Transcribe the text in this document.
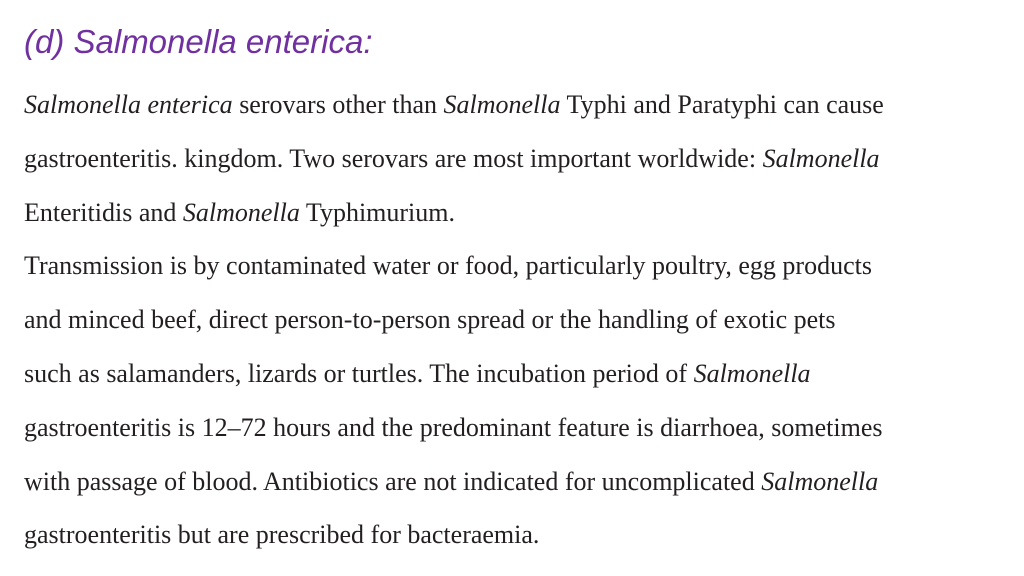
(d) Salmonella enterica:
Salmonella enterica serovars other than Salmonella Typhi and Paratyphi can cause
gastroenteritis. kingdom. Two serovars are most important worldwide: Salmonella
Enteritidis and Salmonella Typhimurium.
Transmission is by contaminated water or food, particularly poultry, egg products
and minced beef, direct person-to-person spread or the handling of exotic pets
such as salamanders, lizards or turtles. The incubation period of Salmonella
gastroenteritis is 12–72 hours and the predominant feature is diarrhoea, sometimes
with passage of blood. Antibiotics are not indicated for uncomplicated Salmonella
gastroenteritis but are prescribed for bacteraemia.
